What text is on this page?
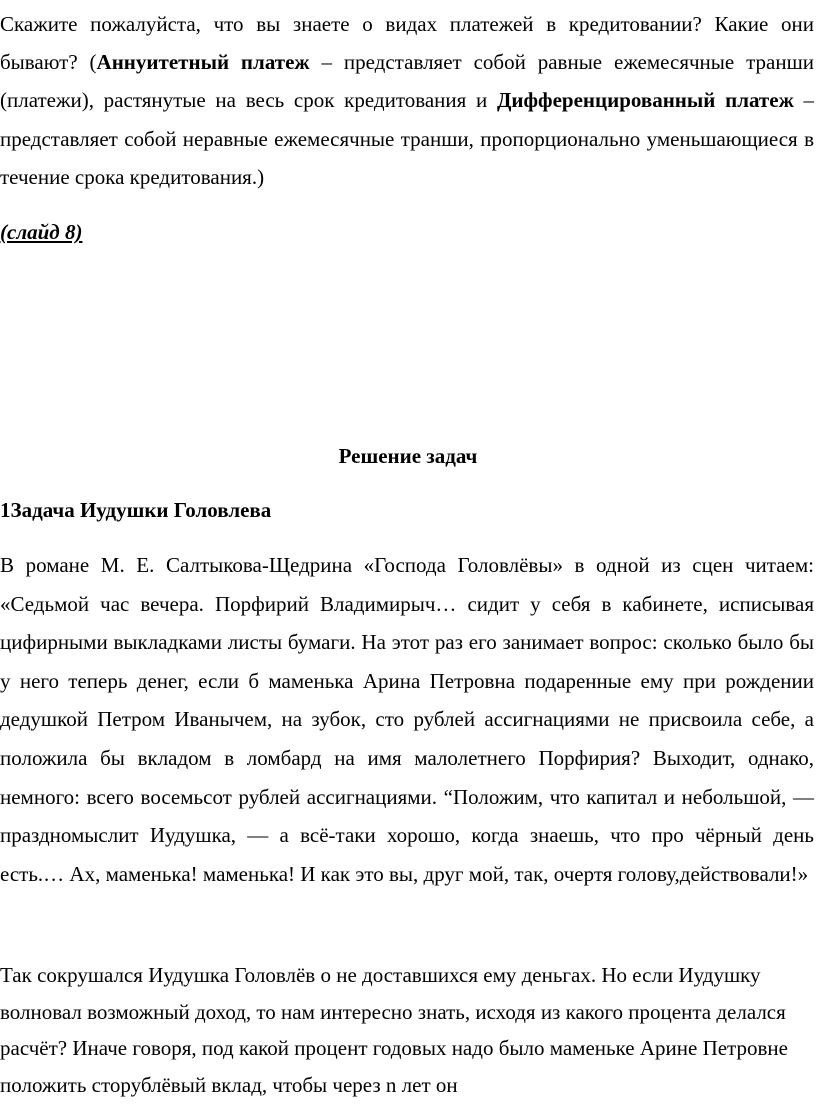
Скажите пожалуйста, что вы знаете о видах платежей в кредитовании? Какие они бывают? (Аннуитетный платеж – представляет собой равные ежемесячные транши (платежи), растянутые на весь срок кредитования и Дифференцированный платеж – представляет собой неравные ежемесячные транши, пропорционально уменьшающиеся в течение срока кредитования.)

(слайд 8)

Решение задач

1Задача Иудушки Головлева

В романе М. Е. Салтыкова-Щедрина «Господа Головлёвы» в одной из сцен читаем: «Седьмой час вечера. Порфирий Владимирыч… сидит у себя в кабинете, исписывая цифирными выкладками листы бумаги. На этот раз его занимает вопрос: сколько было бы у него теперь денег, если б маменька Арина Петровна подаренные ему при рождении дедушкой Петром Иванычем, на зубок, сто рублей ассигнациями не присвоила себе, а положила бы вкладом в ломбард на имя малолетнего Порфирия? Выходит, однако, немного: всего восемьсот рублей ассигнациями. “Положим, что капитал и небольшой, — праздномыслит Иудушка, — а всё-таки хорошо, когда знаешь, что про чёрный день есть.… Ах, маменька! маменька! И как это вы, друг мой, так, очертя голову,действовали!»

Так сокрушался Иудушка Головлёв о не доставшихся ему деньгах. Но если Иудушку волновал возможный доход, то нам интересно знать, исходя из какого процента делался расчёт? Иначе говоря, под какой процент годовых надо было маменьке Арине Петровне положить сторублёвый вклад, чтобы через n лет он
